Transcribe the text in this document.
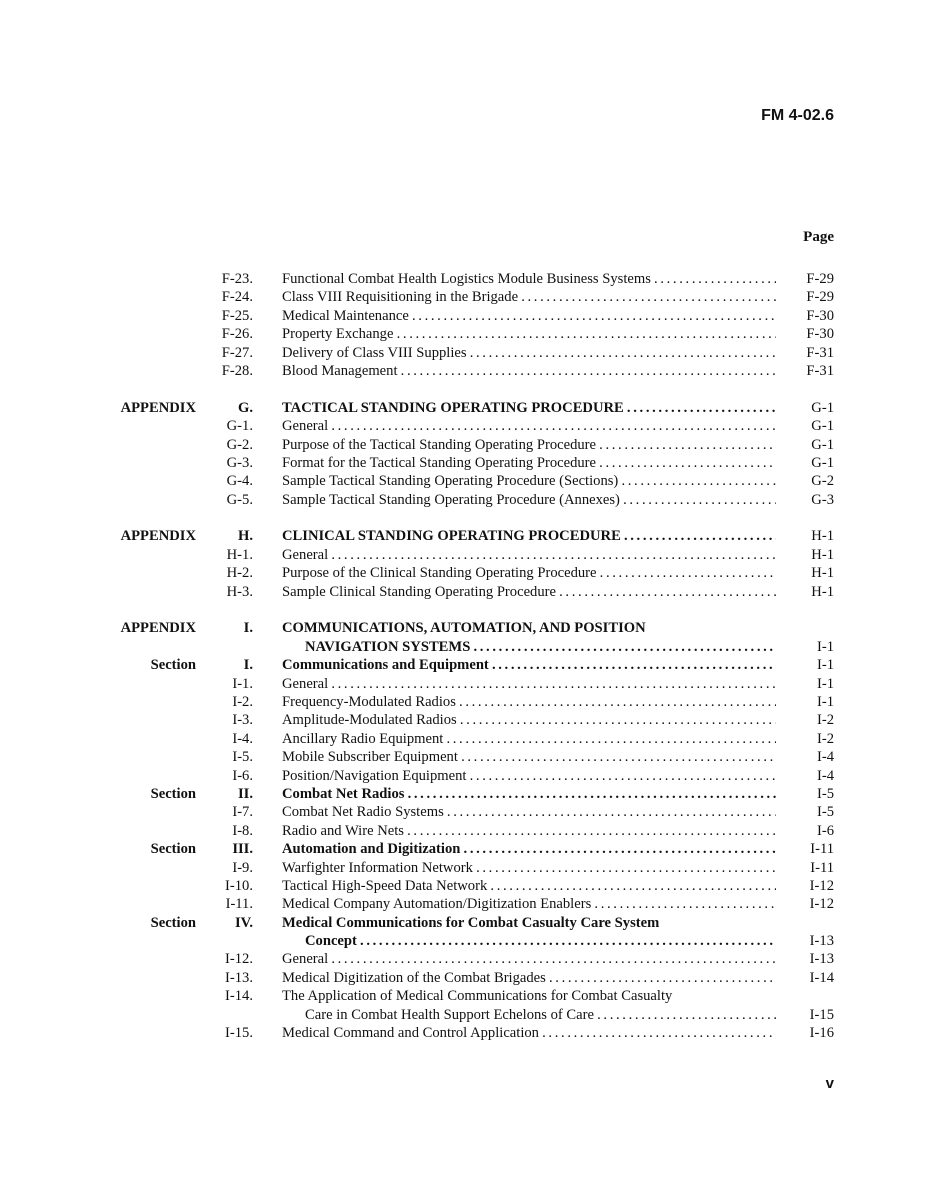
FM 4-02.6
Page
F-23. Functional Combat Health Logistics Module Business Systems . . .	F-29
F-24. Class VIII Requisitioning in the Brigade . . .	F-29
F-25. Medical Maintenance . . .	F-30
F-26. Property Exchange . . .	F-30
F-27. Delivery of Class VIII Supplies . . .	F-31
F-28. Blood Management . . .	F-31
APPENDIX	G. TACTICAL STANDING OPERATING PROCEDURE . . .	G-1
G-1. General . . .	G-1
G-2. Purpose of the Tactical Standing Operating Procedure . . .	G-1
G-3. Format for the Tactical Standing Operating Procedure . . .	G-1
G-4. Sample Tactical Standing Operating Procedure (Sections) . . .	G-2
G-5. Sample Tactical Standing Operating Procedure (Annexes) . . .	G-3
APPENDIX	H. CLINICAL STANDING OPERATING PROCEDURE . . .	H-1
H-1. General . . .	H-1
H-2. Purpose of the Clinical Standing Operating Procedure . . .	H-1
H-3. Sample Clinical Standing Operating Procedure . . .	H-1
APPENDIX	I. COMMUNICATIONS, AUTOMATION, AND POSITION
NAVIGATION SYSTEMS . . .	I-1
Section	I. Communications and Equipment . . .	I-1
I-1. General . . .	I-1
I-2. Frequency-Modulated Radios . . .	I-1
I-3. Amplitude-Modulated Radios . . .	I-2
I-4. Ancillary Radio Equipment . . .	I-2
I-5. Mobile Subscriber Equipment . . .	I-4
I-6. Position/Navigation Equipment . . .	I-4
Section	II. Combat Net Radios . . .	I-5
I-7. Combat Net Radio Systems . . .	I-5
I-8. Radio and Wire Nets . . .	I-6
Section	III. Automation and Digitization . . .	I-11
I-9. Warfighter Information Network . . .	I-11
I-10. Tactical High-Speed Data Network . . .	I-12
I-11. Medical Company Automation/Digitization Enablers . . .	I-12
Section	IV. Medical Communications for Combat Casualty Care System
Concept . . .	I-13
I-12. General . . .	I-13
I-13. Medical Digitization of the Combat Brigades . . .	I-14
I-14. The Application of Medical Communications for Combat Casualty
Care in Combat Health Support Echelons of Care . . .	I-15
I-15. Medical Command and Control Application . . .	I-16
v
